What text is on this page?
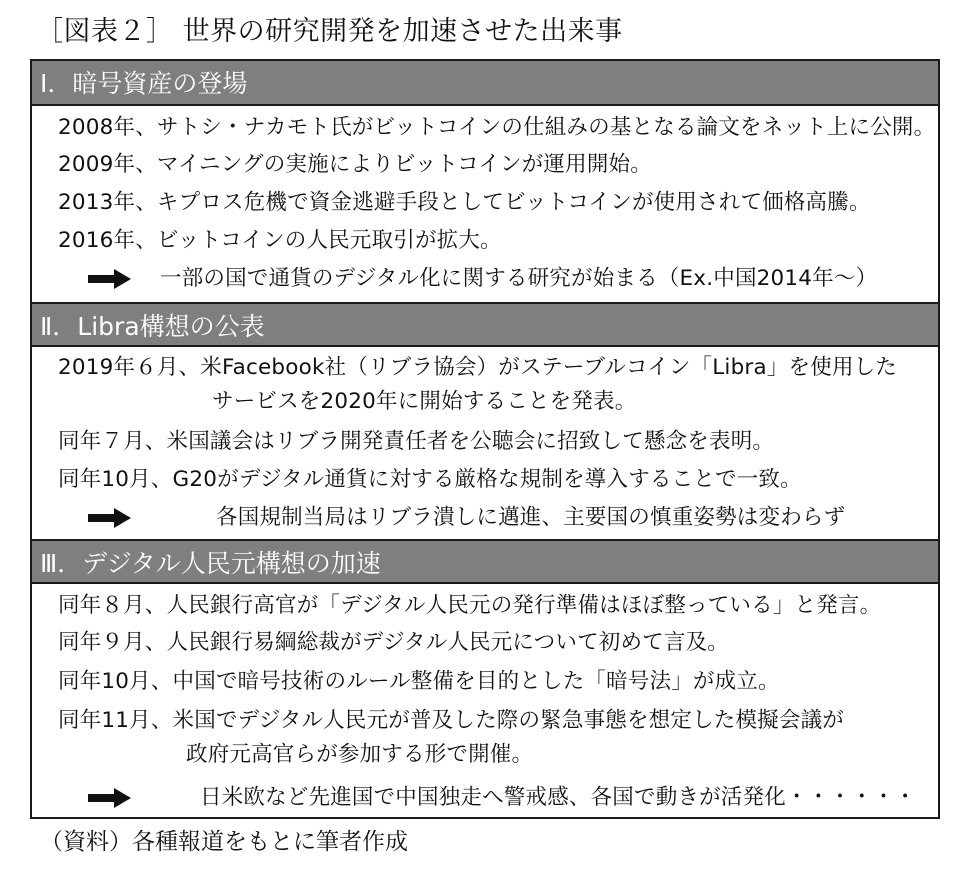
［図表２］ 世界の研究開発を加速させた出来事
Ⅰ．暗号資産の登場
2008年、サトシ・ナカモト氏がビットコインの仕組みの基となる論文をネット上に公開。
2009年、マイニングの実施によりビットコインが運用開始。
2013年、キプロス危機で資金逃避手段としてビットコインが使用されて価格高騰。
2016年、ビットコインの人民元取引が拡大。
一部の国で通貨のデジタル化に関する研究が始まる（Ex.中国2014年～）
Ⅱ．Libra構想の公表
2019年６月、米Facebook社（リブラ協会）がステーブルコイン「Libra」を使用した
サービスを2020年に開始することを発表。
同年７月、米国議会はリブラ開発責任者を公聴会に招致して懸念を表明。
同年10月、G20がデジタル通貨に対する厳格な規制を導入することで一致。
各国規制当局はリブラ潰しに邁進、主要国の慎重姿勢は変わらず
Ⅲ．デジタル人民元構想の加速
同年８月、人民銀行高官が「デジタル人民元の発行準備はほぼ整っている」と発言。
同年９月、人民銀行易綱総裁がデジタル人民元について初めて言及。
同年10月、中国で暗号技術のルール整備を目的とした「暗号法」が成立。
同年11月、米国でデジタル人民元が普及した際の緊急事態を想定した模擬会議が
政府元高官らが参加する形で開催。
日米欧など先進国で中国独走へ警戒感、各国で動きが活発化・・・・・・
（資料）各種報道をもとに筆者作成
